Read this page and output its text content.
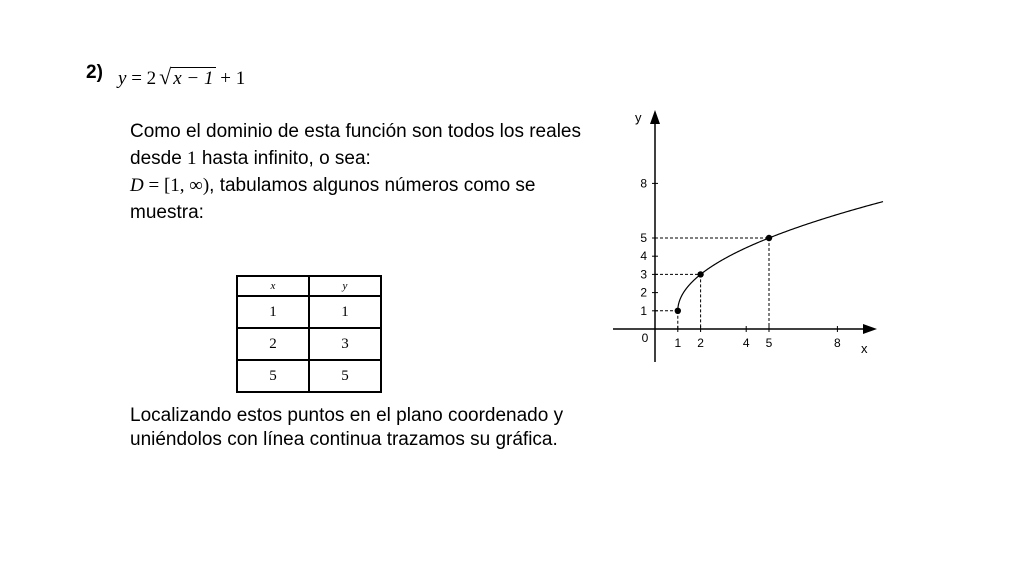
2) y
= 2 √ x − 1
+ 1
Como el dominio de esta función son todos los reales desde 1 hasta infinito, o sea:
D = [1, ∞), tabulamos algunos números como se muestra:
x	y
1	1
2	3
5	5
Localizando estos puntos en el plano coordenado y uniéndolos con línea continua trazamos su gráfica.
x
y
0 1 2	4 5	8
1
2
3
4
5
8
